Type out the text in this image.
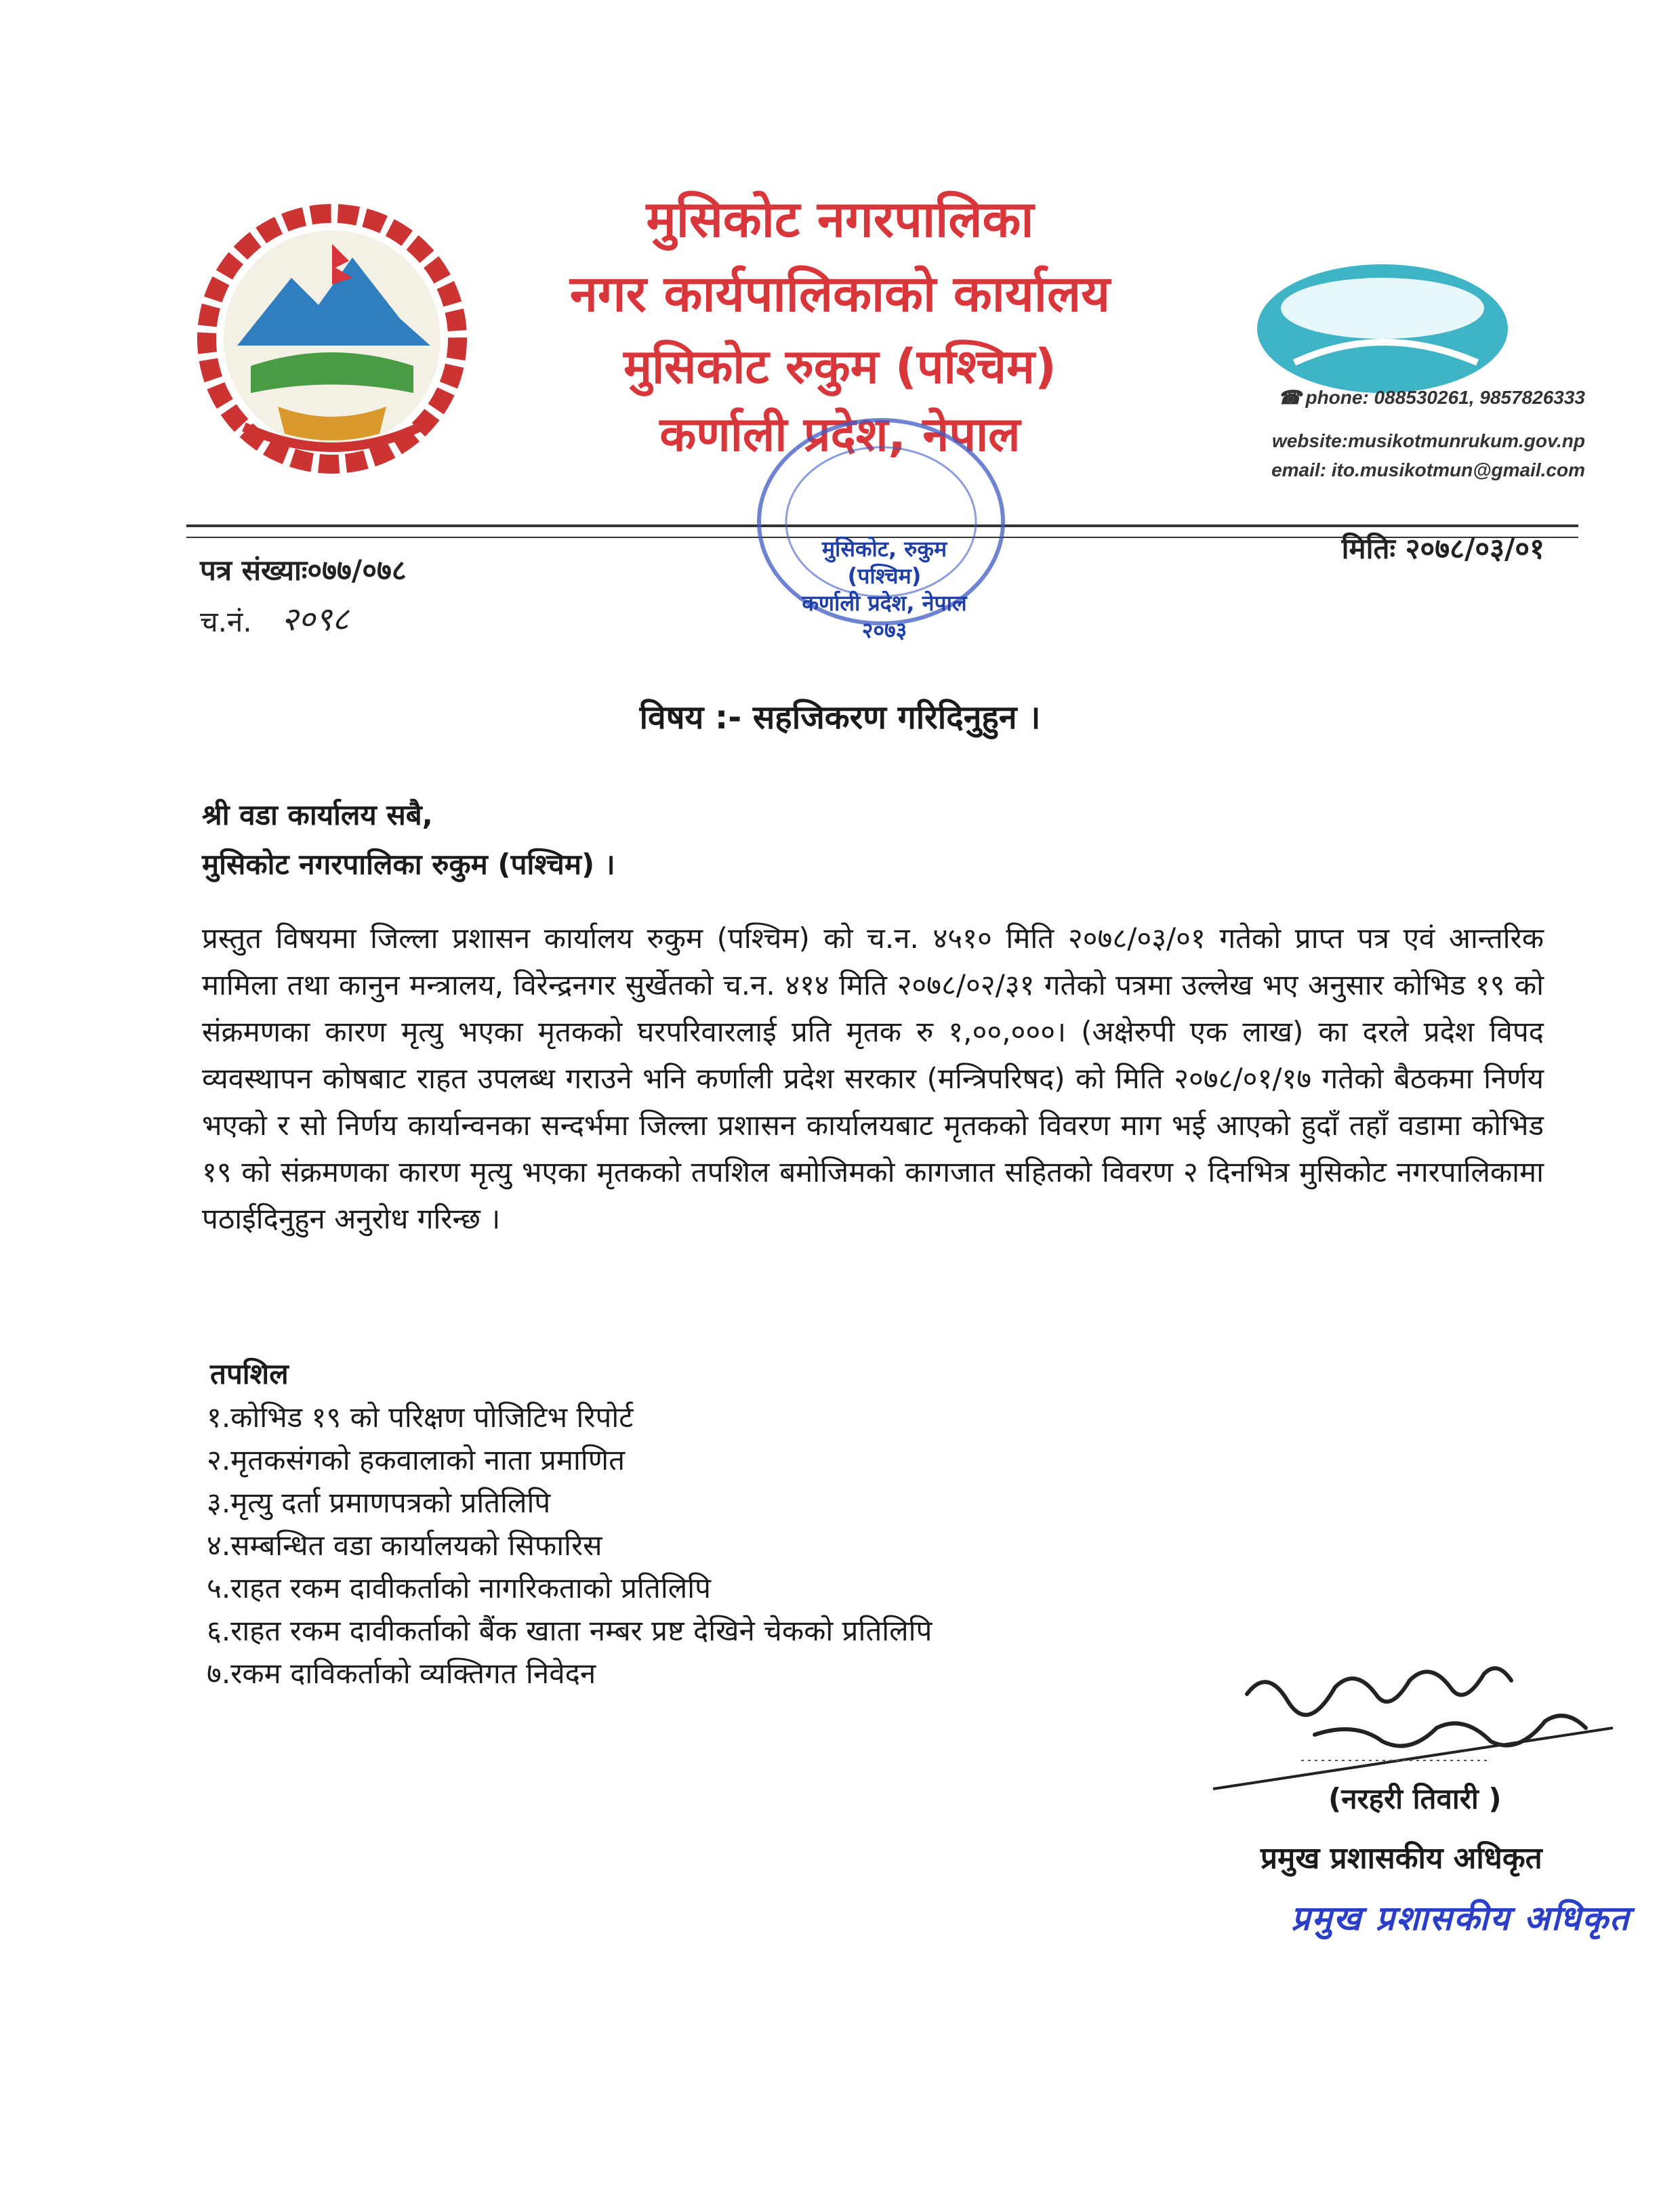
मुसिकोट नगरपालिका
नगर कार्यपालिकाको कार्यालय
मुसिकोट रुकुम (पश्चिम)
कर्णाली प्रदेश, नेपाल
☎ phone: 088530261, 9857826333
website:musikotmunrukum.gov.np
email: ito.musikotmun@gmail.com
मुसिकोट, रुकुम (पश्चिम)
कर्णाली प्रदेश, नेपाल
२०७३
पत्र संख्याः०७७/०७८
च.नं. २०९८
मितिः २०७८/०३/०१
विषय :- सहजिकरण गरिदिनुहुन ।
श्री वडा कार्यालय सबै,
मुसिकोट नगरपालिका रुकुम (पश्चिम) ।
प्रस्तुत विषयमा जिल्ला प्रशासन कार्यालय रुकुम (पश्चिम) को च.न. ४५१० मिति २०७८/०३/०१ गतेको प्राप्त पत्र एवं आन्तरिक मामिला तथा कानुन मन्त्रालय, विरेन्द्रनगर सुर्खेतको च.न. ४१४ मिति २०७८/०२/३१ गतेको पत्रमा उल्लेख भए अनुसार कोभिड १९ को संक्रमणका कारण मृत्यु भएका मृतकको घरपरिवारलाई प्रति मृतक रु १,००,०००। (अक्षेरुपी एक लाख) का दरले प्रदेश विपद व्यवस्थापन कोषबाट राहत उपलब्ध गराउने भनि कर्णाली प्रदेश सरकार (मन्त्रिपरिषद) को मिति २०७८/०१/१७ गतेको बैठकमा निर्णय भएको र सो निर्णय कार्यान्वनका सन्दर्भमा जिल्ला प्रशासन कार्यालयबाट मृतकको विवरण माग भई आएको हुदाँ तहाँ वडामा कोभिड १९ को संक्रमणका कारण मृत्यु भएका मृतकको तपशिल बमोजिमको कागजात सहितको विवरण २ दिनभित्र मुसिकोट नगरपालिकामा पठाईदिनुहुन अनुरोध गरिन्छ ।
तपशिल
१.कोभिड १९ को परिक्षण पोजिटिभ रिपोर्ट
२.मृतकसंगको हकवालाको नाता प्रमाणित
३.मृत्यु दर्ता प्रमाणपत्रको प्रतिलिपि
४.सम्बन्धित वडा कार्यालयको सिफारिस
५.राहत रकम दावीकर्ताको नागरिकताको प्रतिलिपि
६.राहत रकम दावीकर्ताको बैंक खाता नम्बर प्रष्ट देखिने चेकको प्रतिलिपि
७.रकम दाविकर्ताको व्यक्तिगत निवेदन
(नरहरी तिवारी )
प्रमुख प्रशासकीय अधिकृत
प्रमुख प्रशासकीय अधिकृत
